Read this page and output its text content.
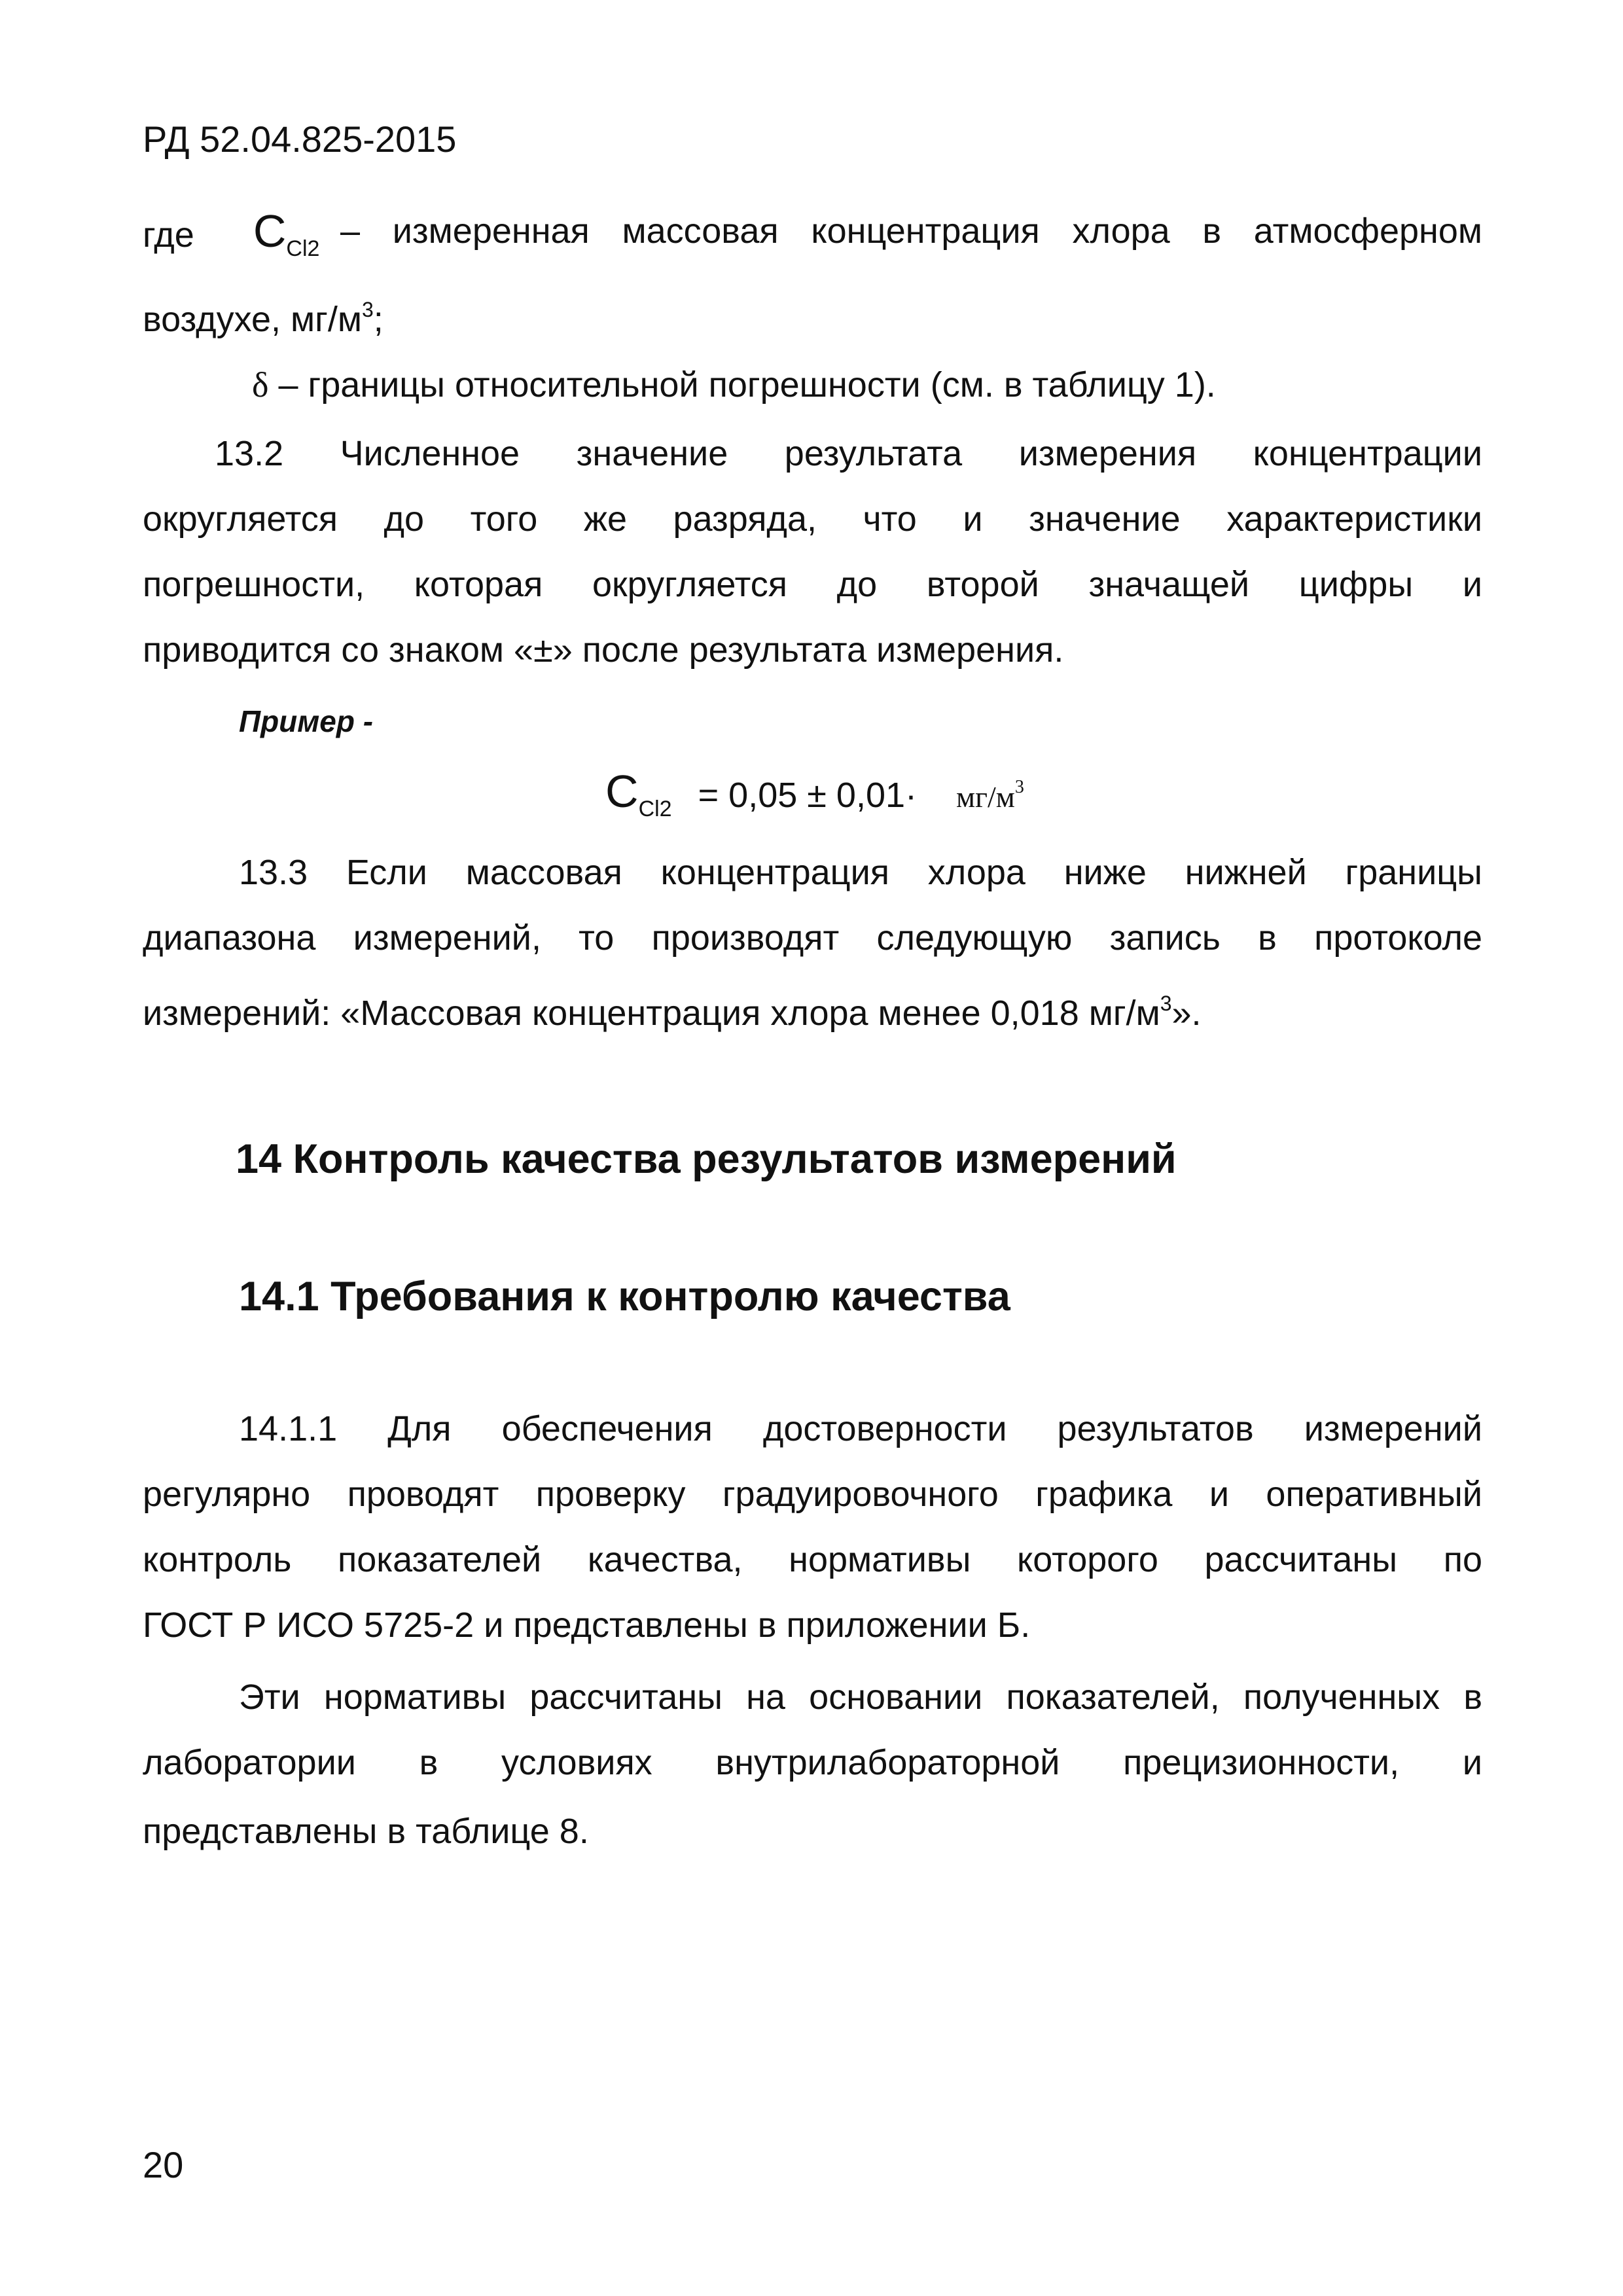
РД 52.04.825-2015
где $C_{Cl2}$ – измеренная массовая концентрация хлора в атмосферном
воздухе, $мг/м^3$;
δ – границы относительной погрешности (см. в таблицу 1).
13.2 Численное значение результата измерения концентрации
округляется до того же разряда, что и значение характеристики
погрешности, которая округляется до второй значащей цифры и
приводится со знаком «±» после результата измерения.
Пример -
$C_{Cl2} = 0,05 \pm 0,01\cdot мг/м^3$
13.3 Если массовая концентрация хлора ниже нижней границы
диапазона измерений, то производят следующую запись в протоколе
измерений: «Массовая концентрация хлора менее 0,018 $мг/м^3$».
14 Контроль качества результатов измерений
14.1 Требования к контролю качества
14.1.1 Для обеспечения достоверности результатов измерений
регулярно проводят проверку градуировочного графика и оперативный
контроль показателей качества, нормативы которого рассчитаны по
ГОСТ Р ИСО 5725-2 и представлены в приложении Б.
Эти нормативы рассчитаны на основании показателей, полученных в
лаборатории в условиях внутрилабораторной прецизионности, и
представлены в таблице 8.
20
